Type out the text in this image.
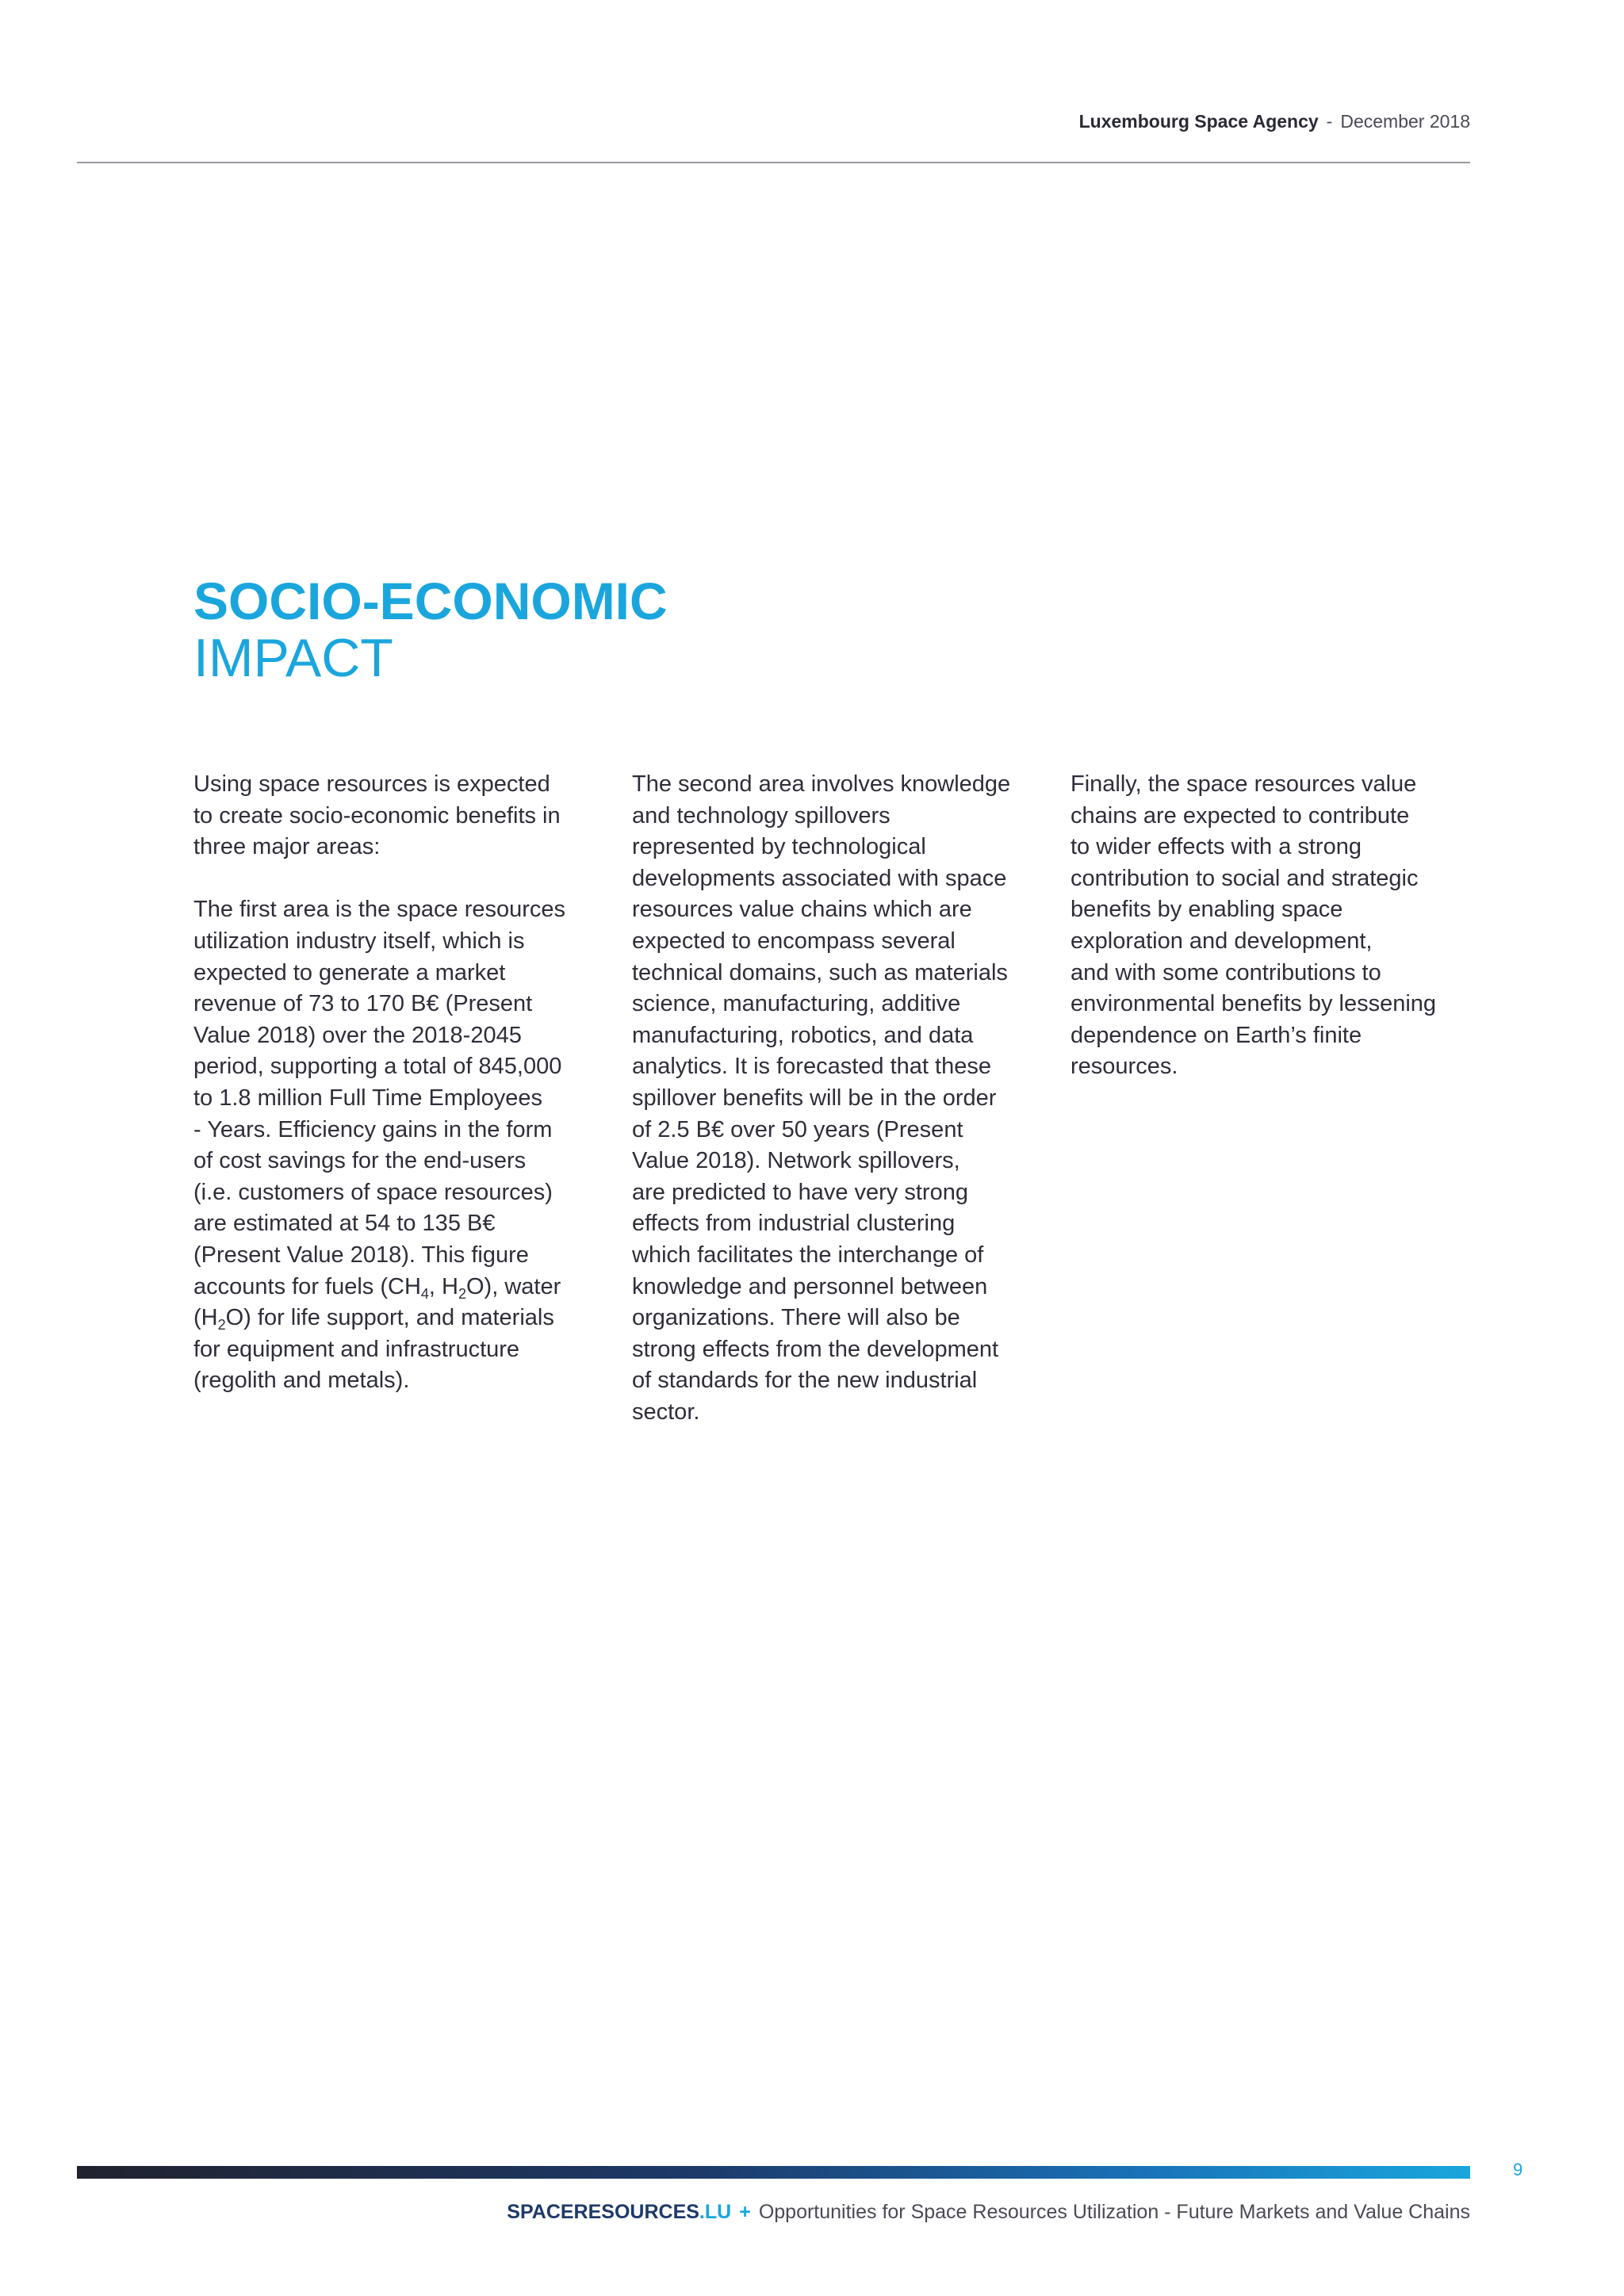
Luxembourg Space Agency - December 2018
SOCIO-ECONOMIC
IMPACT

Using space resources is expected
to create socio-economic benefits in
three major areas:

The first area is the space resources
utilization industry itself, which is
expected to generate a market
revenue of 73 to 170 B€ (Present
Value 2018) over the 2018-2045
period, supporting a total of 845,000
to 1.8 million Full Time Employees
- Years. Efficiency gains in the form
of cost savings for the end-users
(i.e. customers of space resources)
are estimated at 54 to 135 B€
(Present Value 2018). This figure
accounts for fuels ($CH_4$, $H_2O$), water
$(H_2O)$ for life support, and materials
for equipment and infrastructure
(regolith and metals).

The second area involves knowledge
and technology spillovers
represented by technological
developments associated with space
resources value chains which are
expected to encompass several
technical domains, such as materials
science, manufacturing, additive
manufacturing, robotics, and data
analytics. It is forecasted that these
spillover benefits will be in the order
of 2.5 B€ over 50 years (Present
Value 2018). Network spillovers,
are predicted to have very strong
effects from industrial clustering
which facilitates the interchange of
knowledge and personnel between
organizations. There will also be
strong effects from the development
of standards for the new industrial
sector.

Finally, the space resources value
chains are expected to contribute
to wider effects with a strong
contribution to social and strategic
benefits by enabling space
exploration and development,
and with some contributions to
environmental benefits by lessening
dependence on Earth’s finite
resources.

9
SPACERESOURCES.LU + Opportunities for Space Resources Utilization - Future Markets and Value Chains
